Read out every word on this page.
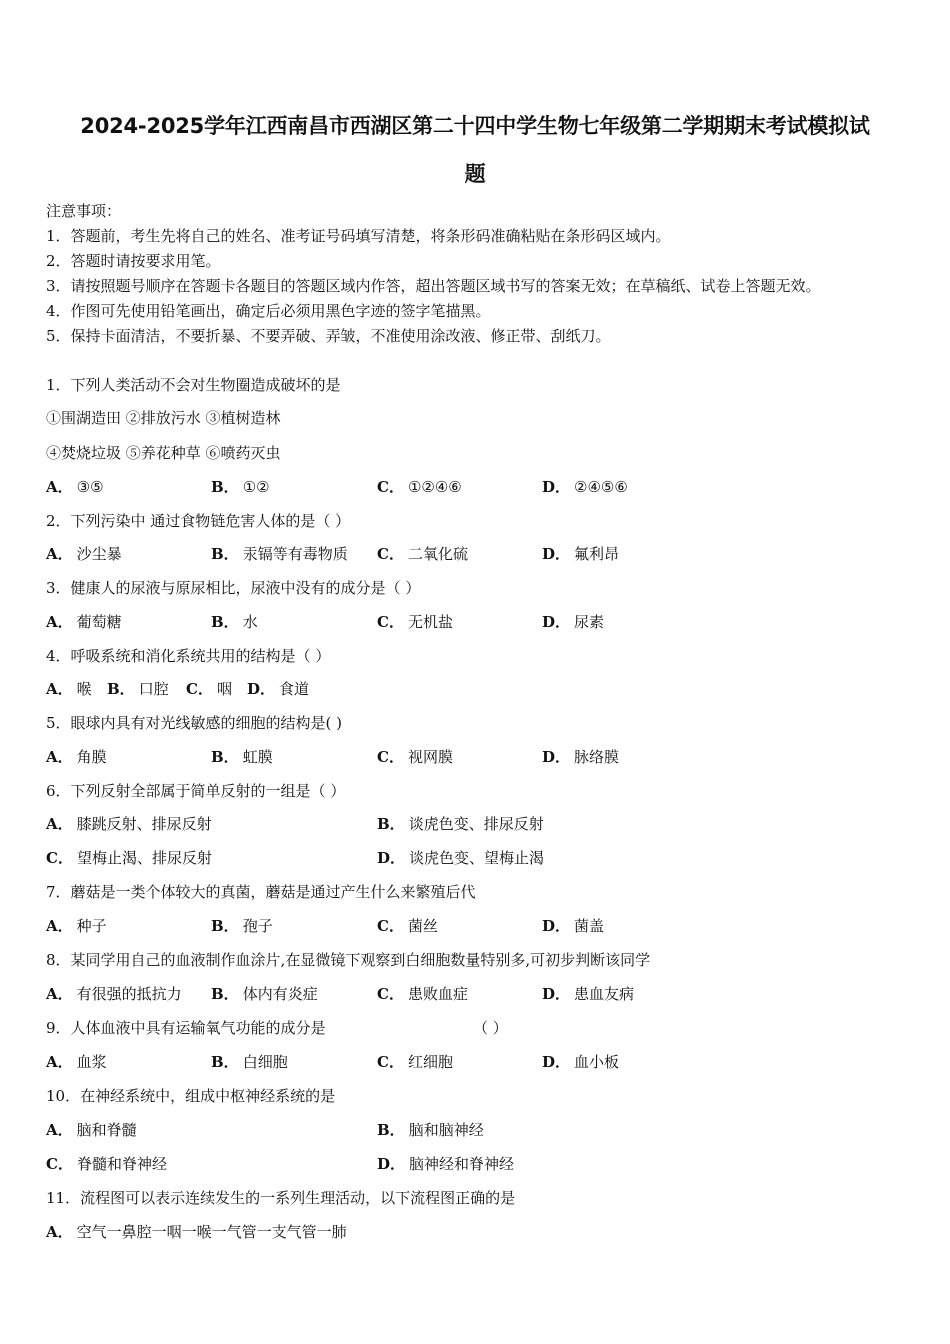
2024-2025学年江西南昌市西湖区第二十四中学生物七年级第二学期期末考试模拟试
题
注意事项：
1．答题前，考生先将自己的姓名、准考证号码填写清楚，将条形码准确粘贴在条形码区域内。
2．答题时请按要求用笔。
3．请按照题号顺序在答题卡各题目的答题区域内作答，超出答题区域书写的答案无效；在草稿纸、试卷上答题无效。
4．作图可先使用铅笔画出，确定后必须用黑色字迹的签字笔描黑。
5．保持卡面清洁，不要折暴、不要弄破、弄皱，不准使用涂改液、修正带、刮纸刀。
1．下列人类活动不会对生物圈造成破坏的是
①围湖造田 ②排放污水 ③植树造林
④焚烧垃圾 ⑤养花种草 ⑥喷药灭虫
A． ③⑤	B． ①②	C． ①②④⑥	D． ②④⑤⑥
2．下列污染中 通过食物链危害人体的是（ ）
A． 沙尘暴	B． 汞镉等有毒物质 C． 二氧化硫	D． 氟利昂
3．健康人的尿液与原尿相比，尿液中没有的成分是（ ）
A． 葡萄糖	B． 水	C． 无机盐	D． 尿素
4．呼吸系统和消化系统共用的结构是（ ）
A． 喉 B． 口腔 C． 咽 D． 食道
5．眼球内具有对光线敏感的细胞的结构是( )
A． 角膜	B． 虹膜	C． 视网膜	D． 脉络膜
6．下列反射全部属于简单反射的一组是（ ）
A． 膝跳反射、排尿反射	B． 谈虎色变、排尿反射
C． 望梅止渴、排尿反射	D． 谈虎色变、望梅止渴
7．蘑菇是一类个体较大的真菌，蘑菇是通过产生什么来繁殖后代
A． 种子	B． 孢子	C． 菌丝	D． 菌盖
8．某同学用自己的血液制作血涂片,在显微镜下观察到白细胞数量特别多,可初步判断该同学
A． 有很强的抵抗力 B． 体内有炎症	C． 患败血症	D． 患血友病
9．人体血液中具有运输氧气功能的成分是	（ ）
A． 血浆	B． 白细胞	C． 红细胞	D． 血小板
10．在神经系统中，组成中枢神经系统的是
A． 脑和脊髓	B． 脑和脑神经
C． 脊髓和脊神经	D． 脑神经和脊神经
11．流程图可以表示连续发生的一系列生理活动，以下流程图正确的是
A． 空气一鼻腔一咽一喉一气管一支气管一肺
